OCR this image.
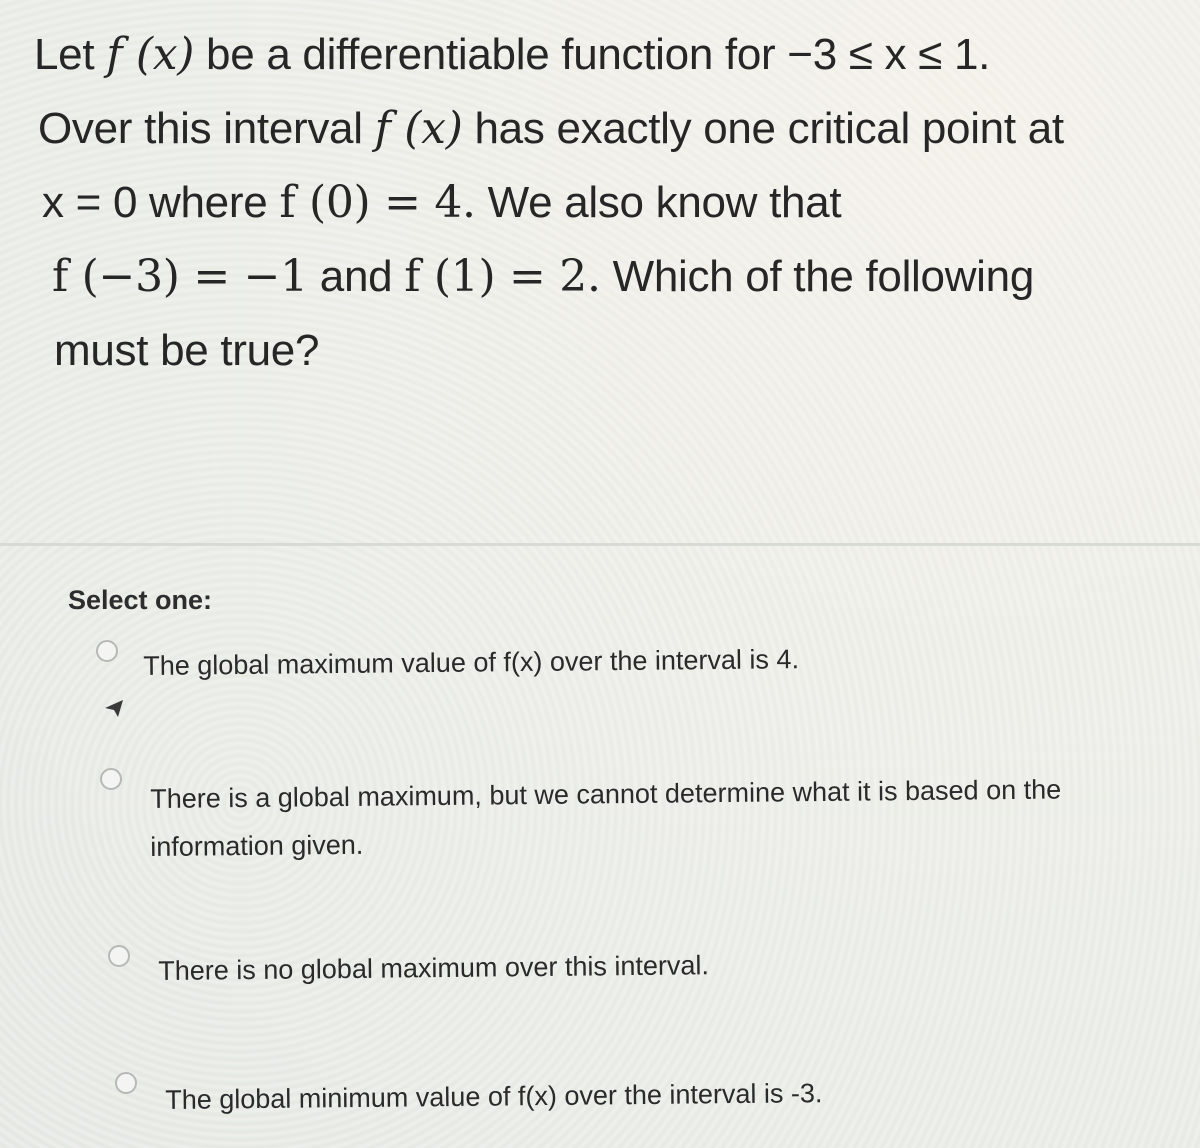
Let f (x) be a differentiable function for −3 ≤ x ≤ 1.
Over this interval f (x) has exactly one critical point at
x = 0 where f (0) = 4. We also know that
f (−3) = −1 and f (1) = 2. Which of the following
must be true?
Select one:
The global maximum value of f(x) over the interval is 4.
There is a global maximum, but we cannot determine what it is based on the
information given.
There is no global maximum over this interval.
The global minimum value of f(x) over the interval is -3.
